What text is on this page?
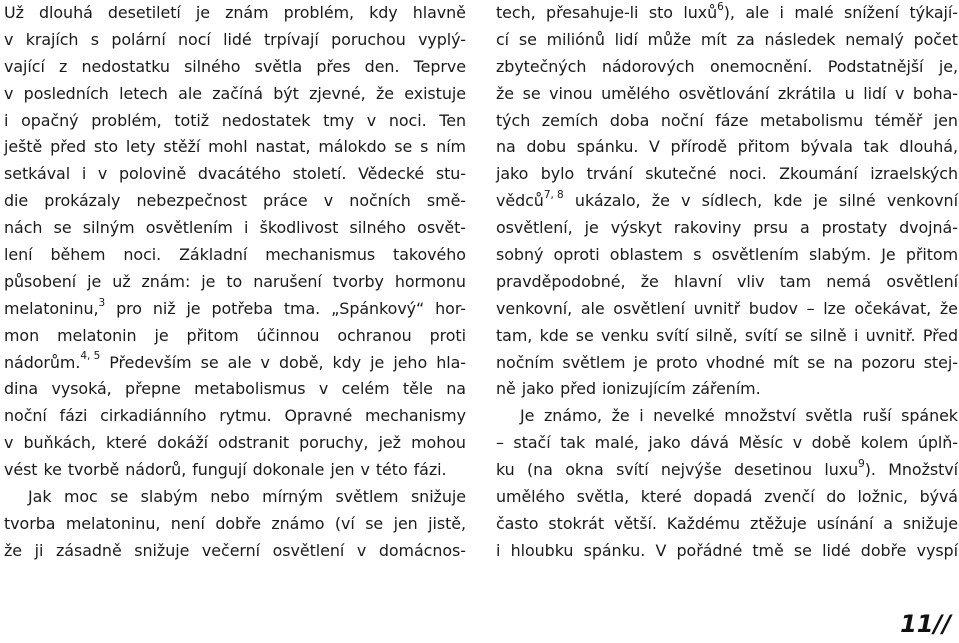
Už dlouhá desetiletí je znám problém, kdy hlavně
v krajích s polární nocí lidé trpívají poruchou vyplý-
vající z nedostatku silného světla přes den. Teprve
v posledních letech ale začíná být zjevné, že existuje
i opačný problém, totiž nedostatek tmy v noci. Ten
ještě před sto lety stěží mohl nastat, málokdo se s ním
setkával i v polovině dvacátého století. Vědecké stu-
die prokázaly nebezpečnost práce v nočních smě-
nách se silným osvětlením i škodlivost silného osvět-
lení během noci. Základní mechanismus takového
působení je už znám: je to narušení tvorby hormonu
melatoninu,$^3$ pro niž je potřeba tma. „Spánkový“ hor-
mon melatonin je přitom účinnou ochranou proti
nádorům.$^{4, 5}$ Především se ale v době, kdy je jeho hla-
dina vysoká, přepne metabolismus v celém těle na
noční fázi cirkadiánního rytmu. Opravné mechanismy
v buňkách, které dokáží odstranit poruchy, jež mohou
vést ke tvorbě nádorů, fungují dokonale jen v této fázi.
Jak moc se slabým nebo mírným světlem snižuje
tvorba melatoninu, není dobře známo (ví se jen jistě,
že ji zásadně snižuje večerní osvětlení v domácnos-
tech, přesahuje-li sto luxů$^6$), ale i malé snížení týkají-
cí se miliónů lidí může mít za následek nemalý počet
zbytečných nádorových onemocnění. Podstatnější je,
že se vinou umělého osvětlování zkrátila u lidí v boha-
tých zemích doba noční fáze metabolismu téměř jen
na dobu spánku. V přírodě přitom bývala tak dlouhá,
jako bylo trvání skutečné noci. Zkoumání izraelských
vědců$^{7, 8}$ ukázalo, že v sídlech, kde je silné venkovní
osvětlení, je výskyt rakoviny prsu a prostaty dvojná-
sobný oproti oblastem s osvětlením slabým. Je přitom
pravděpodobné, že hlavní vliv tam nemá osvětlení
venkovní, ale osvětlení uvnitř budov – lze očekávat, že
tam, kde se venku svítí silně, svítí se silně i uvnitř. Před
nočním světlem je proto vhodné mít se na pozoru stej-
ně jako před ionizujícím zářením.
Je známo, že i nevelké množství světla ruší spánek
– stačí tak malé, jako dává Měsíc v době kolem úplň-
ku (na okna svítí nejvýše desetinou luxu$^9$). Množství
umělého světla, které dopadá zvenčí do ložnic, bývá
často stokrát větší. Každému ztěžuje usínání a snižuje
i hloubku spánku. V pořádné tmě se lidé dobře vyspí
11//
